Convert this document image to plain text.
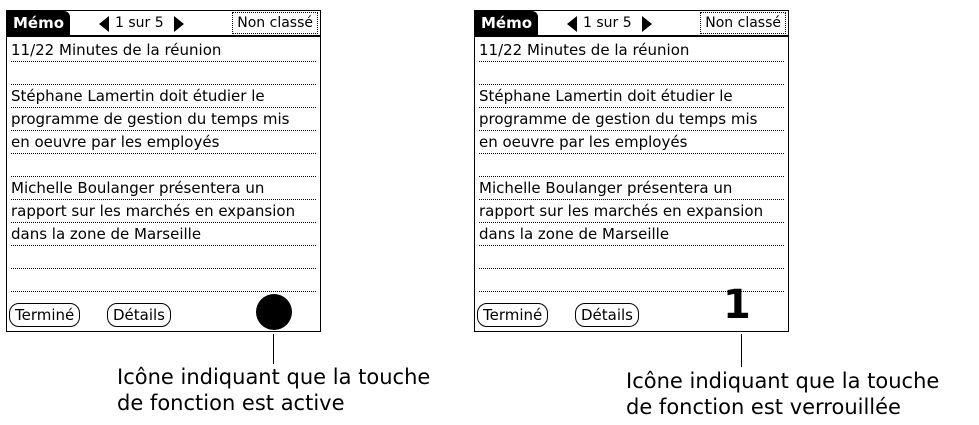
Mémo	1 sur 5	Non classé
11/22 Minutes de la réunion
Stéphane Lamertin doit étudier le
programme de gestion du temps mis
en oeuvre par les employés
Michelle Boulanger présentera un
rapport sur les marchés en expansion
dans la zone de Marseille
Terminé	Détails
Mémo	1 sur 5	Non classé
11/22 Minutes de la réunion
Stéphane Lamertin doit étudier le
programme de gestion du temps mis
en oeuvre par les employés
Michelle Boulanger présentera un
rapport sur les marchés en expansion
dans la zone de Marseille
Terminé	Détails 1
Icône indiquant que la touche
de fonction est active
Icône indiquant que la touche
de fonction est verrouillée
